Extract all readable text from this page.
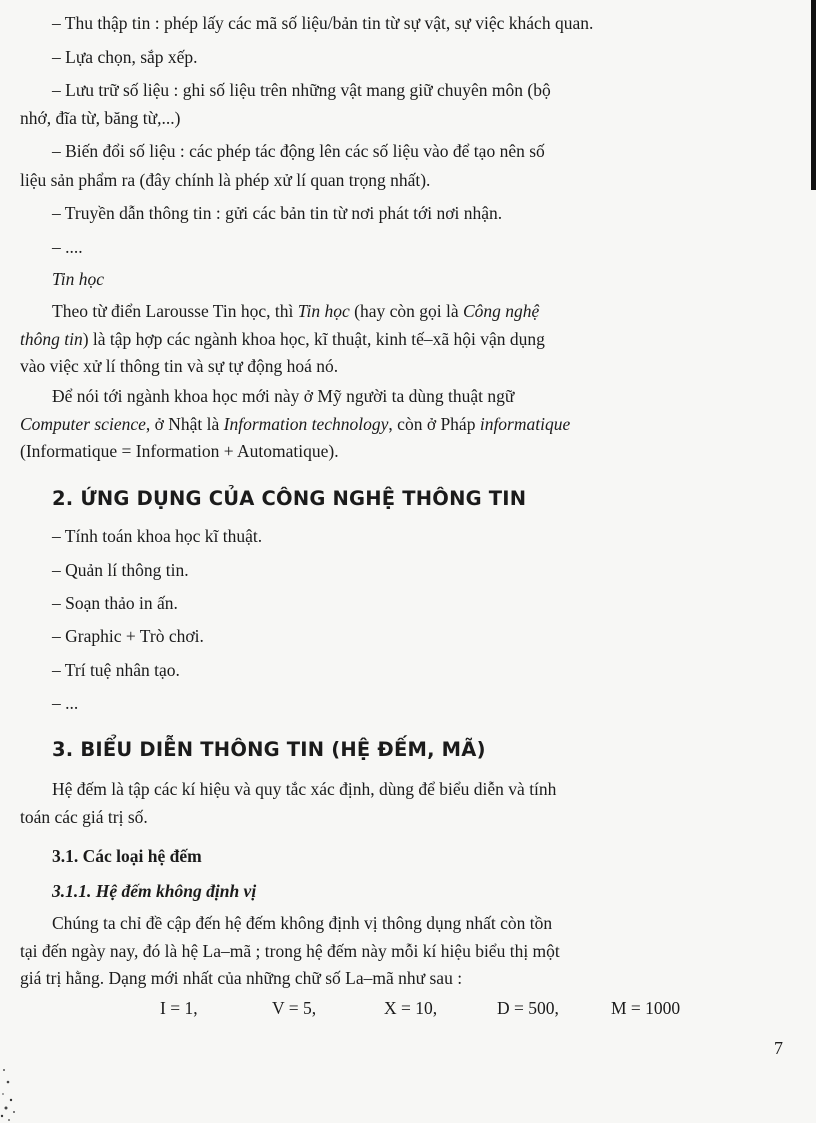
– Thu thập tin : phép lấy các mã số liệu/bản tin từ sự vật, sự việc khách quan.
– Lựa chọn, sắp xếp.
– Lưu trữ số liệu : ghi số liệu trên những vật mang giữ chuyên môn (bộ
nhớ, đĩa từ, băng từ,...)
– Biến đổi số liệu : các phép tác động lên các số liệu vào để tạo nên số
liệu sản phẩm ra (đây chính là phép xử lí quan trọng nhất).
– Truyền dẫn thông tin : gửi các bản tin từ nơi phát tới nơi nhận.
– ....
Tin học
Theo từ điển Larousse Tin học, thì Tin học (hay còn gọi là Công nghệ
thông tin) là tập hợp các ngành khoa học, kĩ thuật, kinh tế–xã hội vận dụng
vào việc xử lí thông tin và sự tự động hoá nó.
Để nói tới ngành khoa học mới này ở Mỹ người ta dùng thuật ngữ
Computer science, ở Nhật là Information technology, còn ở Pháp informatique
(Informatique = Information + Automatique).
2. ỨNG DỤNG CỦA CÔNG NGHỆ THÔNG TIN
– Tính toán khoa học kĩ thuật.
– Quản lí thông tin.
– Soạn thảo in ấn.
– Graphic + Trò chơi.
– Trí tuệ nhân tạo.
– ...
3. BIỂU DIỄN THÔNG TIN (HỆ ĐẾM, MÃ)
Hệ đếm là tập các kí hiệu và quy tắc xác định, dùng để biểu diễn và tính
toán các giá trị số.
3.1. Các loại hệ đếm
3.1.1. Hệ đếm không định vị
Chúng ta chỉ đề cập đến hệ đếm không định vị thông dụng nhất còn tồn
tại đến ngày nay, đó là hệ La–mã ; trong hệ đếm này mỗi kí hiệu biểu thị một
giá trị hằng. Dạng mới nhất của những chữ số La–mã như sau :
I = 1,	V = 5,	X = 10,	D = 500,	M = 1000
7
